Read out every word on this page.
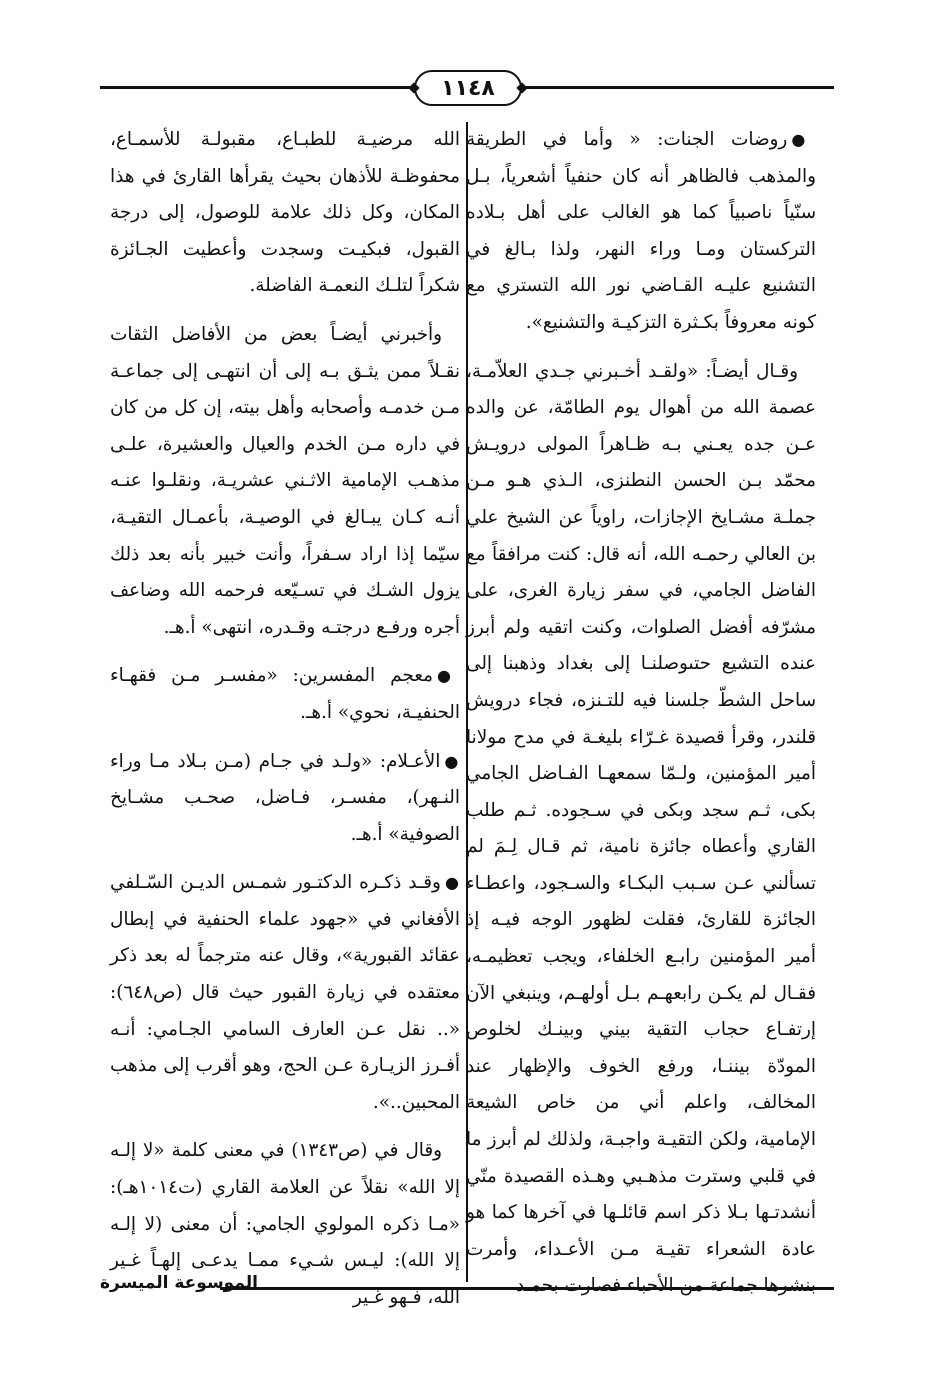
١١٤٨

●روضات الجنات: « وأما في الطريقة والمذهب فالظاهر أنه كان حنفياً أشعرياً، بـل سنّياً ناصبياً كما هو الغالب على أهل بـلاده التركستان ومـا وراء النهر، ولذا بـالغ في التشنيع عليـه القـاضي نور الله التستري مع كونه معروفاً بكـثرة التزكيـة والتشنيع».

وقـال أيضـاً: «ولقـد أخـبرني جـدي العلاّمـة، عصمة الله من أهوال يوم الطامّة، عن والده عـن جده يعـني بـه ظـاهراً المولى درويـش محمّد بـن الحسن النطنزى، الـذي هـو مـن جملـة مشـايخ الإجازات، راوياً عن الشيخ علي بن العالي رحمـه الله، أنه قال: كنت مرافقاً مع الفاضل الجامي، في سفر زيارة الغرى، على مشرّفه أفضل الصلوات، وكنت اتقيه ولم أبرز عنده التشيع حتىوصلنـا إلى بغداد وذهبنا إلى ساحل الشطّ جلسنا فيه للتـنزه، فجاء درويش قلندر، وقرأ قصيدة غـرّاء بليغـة في مدح مولانا أمير المؤمنين، ولـمّا سمعهـا الفـاضل الجامي بكى، ثـم سجد وبكى في سـجوده. ثـم طلب القاري وأعطاه جائزة نامية، ثم قـال لِـمَ لم تسألني عـن سـبب البكـاء والسـجود، واعطـاء الجائزة للقارئ، فقلت لظهور الوجه فيـه إذ أمير المؤمنين رابـع الخلفاء، ويجب تعظيمـه، فقـال لم يكـن رابعهـم بـل أولهـم، وينبغي الآن إرتفـاع حجاب التقية بيني وبينـك لخلوص المودّة بيننـا، ورفع الخوف والإظهار عند المخالف، واعلم أني من خاص الشيعة الإمامية، ولكن التقيـة واجبـة، ولذلك لم أبرز ما في قلبي وسترت مذهـبي وهـذه القصيدة منّي أنشدتـها بـلا ذكر اسم قائلـها في آخرها كما هو عادة الشعراء تقيـة مـن الأعـداء، وأمرت بنشرها جماعة من الأحباء فصارت بحمـد

الله مرضيـة للطبـاع، مقبولـة للأسمـاع، محفوظـة للأذهان بحيث يقرأها القارئ في هذا المكان، وكل ذلك علامة للوصول، إلى درجة القبول، فبكيـت وسجدت وأعطيت الجـائزة شكراً لتلـك النعمـة الفاضلة.

وأخبرني أيضـاً بعض من الأفاضل الثقات نقـلاً ممن يثـق بـه إلى أن انتهـى إلى جماعـة مـن خدمـه وأصحابه وأهل بيته، إن كل من كان في داره مـن الخدم والعيال والعشيرة، علـى مذهـب الإمامية الاثـني عشريـة، ونقلـوا عنـه أنـه كـان يبـالغ في الوصيـة، بأعمـال التقيـة، سيّما إذا اراد سـفراً، وأنت خبير بأنه بعد ذلك يزول الشـك في تسـيّعه فرحمه الله وضاعف أجره ورفـع درجتـه وقـدره، انتهى» أ.هـ.

●معجم المفسرين: «مفسـر مـن فقهـاء الحنفيـة، نحوي» أ.هـ.

●الأعـلام: «ولـد في جـام (مـن بـلاد مـا وراء النـهر)، مفسـر، فـاضل، صحـب مشـايخ الصوفية» أ.هـ.

●وقـد ذكـره الدكتـور شمـس الديـن السّـلفي الأفغاني في «جهود علماء الحنفية في إبطال عقائد القبورية»، وقال عنه مترجماً له بعد ذكر معتقده في زيارة القبور حيث قال (ص٦٤٨): «.. نقل عـن العارف السامي الجـامي: أنـه أفـرز الزيـارة عـن الحج، وهو أقرب إلى مذهب المحبين..».

وقال في (ص١٣٤٣) في معنى كلمة «لا إلـه إلا الله» نقلاً عن العلامة القاري (ت١٠١٤هـ): «مـا ذكره المولوي الجامي: أن معنى (لا إلـه إلا الله): ليـس شـيء ممـا يدعـى إلهـاً غـير الله، فـهو غـير

الموسوعة الميسرة
